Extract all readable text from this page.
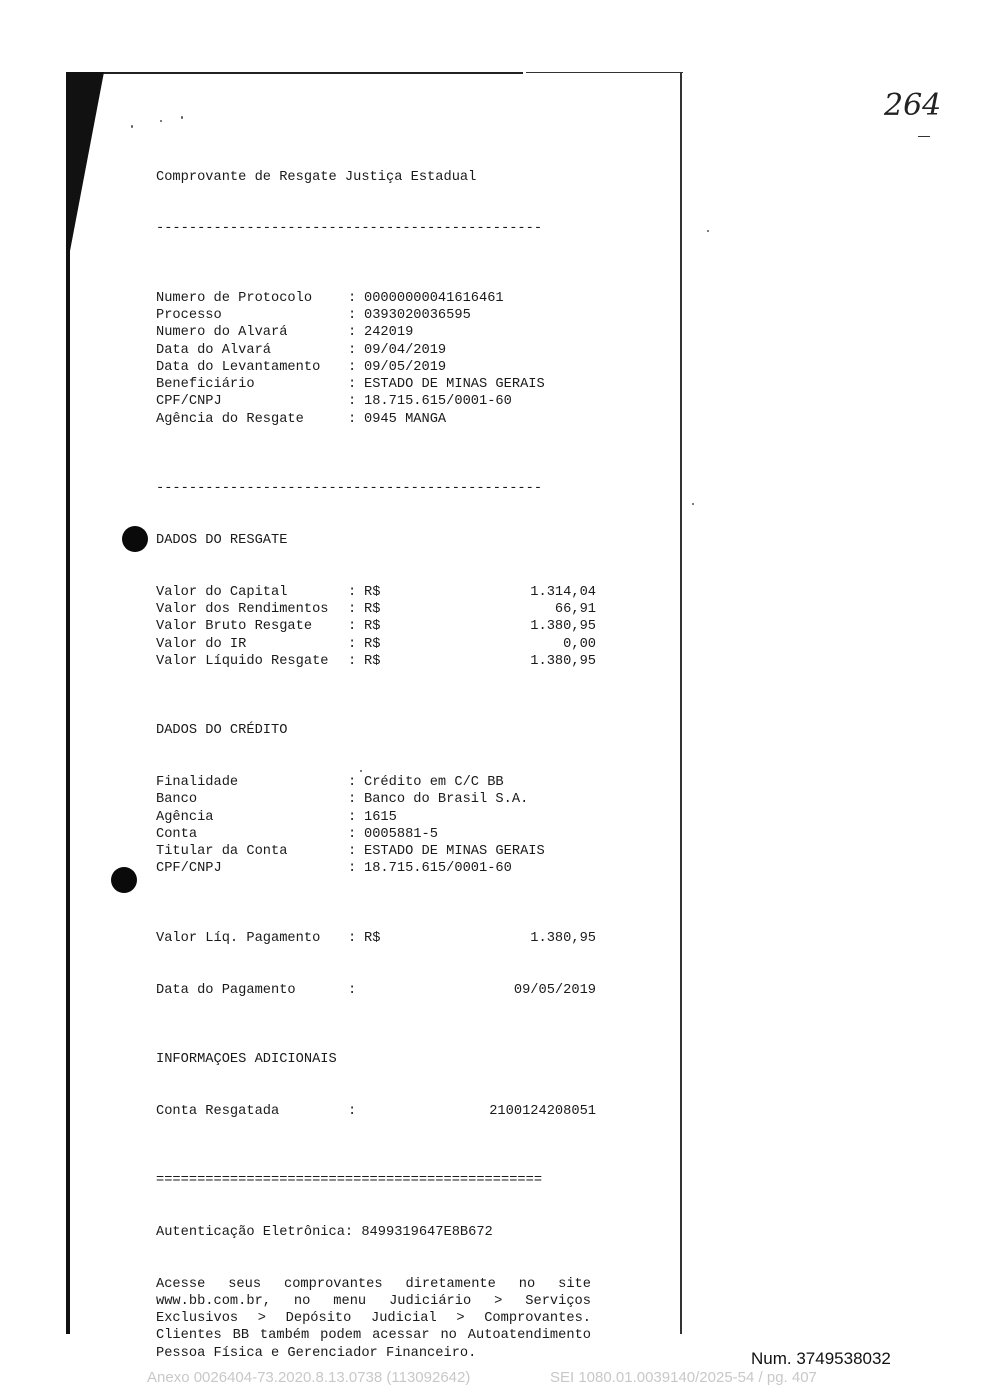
264

Comprovante de Resgate Justiça Estadual

-----------------------------------------------

Numero de Protocolo	: 00000000041616461
Processo	: 0393020036595
Numero do Alvará	: 242019
Data do Alvará	: 09/04/2019
Data do Levantamento	: 09/05/2019
Beneficiário	: ESTADO DE MINAS GERAIS
CPF/CNPJ	: 18.715.615/0001-60
Agência do Resgate	: 0945 MANGA

-----------------------------------------------

DADOS DO RESGATE

Valor do Capital	: R$	1.314,04
Valor dos Rendimentos	: R$	66,91
Valor Bruto Resgate	: R$	1.380,95
Valor do IR	: R$	0,00
Valor Líquido Resgate	: R$	1.380,95

DADOS DO CRÉDITO

Finalidade	: Crédito em C/C BB
Banco	: Banco do Brasil S.A.
Agência	: 1615
Conta	: 0005881-5
Titular da Conta	: ESTADO DE MINAS GERAIS
CPF/CNPJ	: 18.715.615/0001-60

Valor Líq. Pagamento	: R$	1.380,95

Data do Pagamento	:	09/05/2019

INFORMAÇOES ADICIONAIS

Conta Resgatada	:	2100124208051

===============================================

Autenticação Eletrônica: 8499319647E8B672

Acesse seus comprovantes diretamente no site www.bb.com.br, no menu Judiciário > Serviços Exclusivos > Depósito Judicial > Comprovantes. Clientes BB também podem acessar no Autoatendimento Pessoa Física e Gerenciador Financeiro.	Num. 3749538032
Anexo 0026404-73.2020.8.13.0738 (113092642)	SEI 1080.01.0039140/2025-54 / pg. 407
